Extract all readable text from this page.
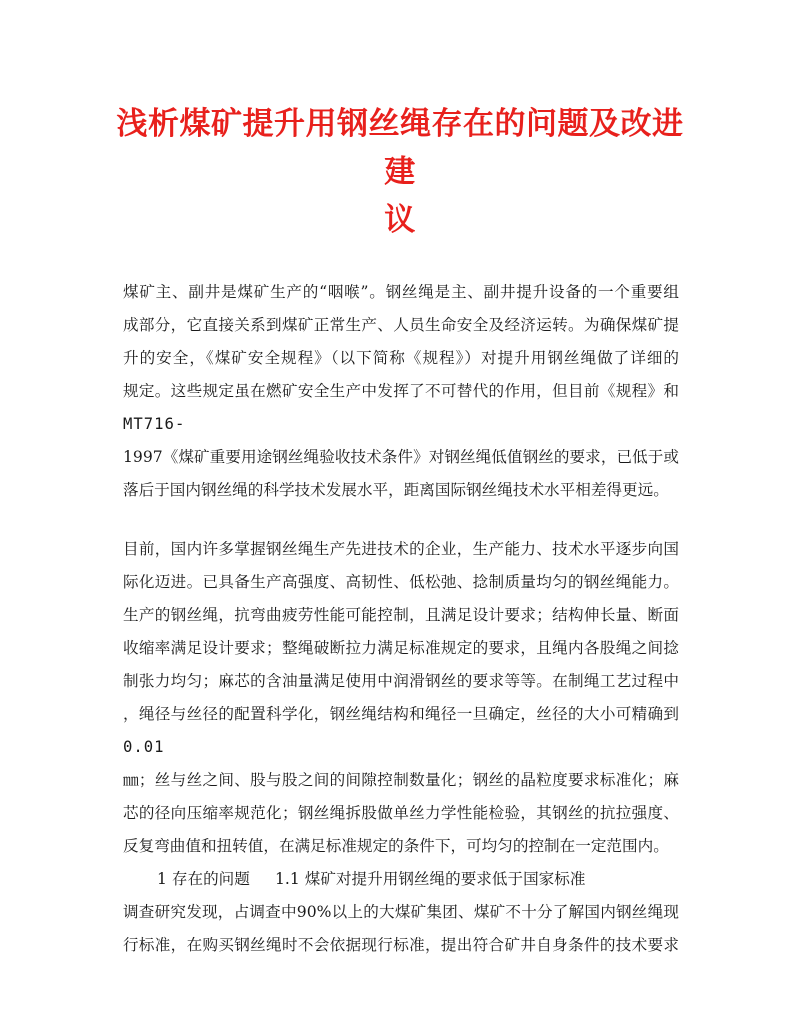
浅析煤矿提升用钢丝绳存在的问题及改进建
议
煤矿主、副井是煤矿生产的“咽喉”。钢丝绳是主、副井提升设备的一个重要组
成部分，它直接关系到煤矿正常生产、人员生命安全及经济运转。为确保煤矿提
升的安全，《煤矿安全规程》（以下简称《规程》）对提升用钢丝绳做了详细的
规定。这些规定虽在燃矿安全生产中发挥了不可替代的作用，但目前《规程》和
MT716-
1997《煤矿重要用途钢丝绳验收技术条件》对钢丝绳低值钢丝的要求，已低于或
落后于国内钢丝绳的科学技术发展水平，距离国际钢丝绳技术水平相差得更远。
目前，国内许多掌握钢丝绳生产先进技术的企业，生产能力、技术水平逐步向国
际化迈进。已具备生产高强度、高韧性、低松弛、捻制质量均匀的钢丝绳能力。
生产的钢丝绳，抗弯曲疲劳性能可能控制，且满足设计要求；结构伸长量、断面
收缩率满足设计要求；整绳破断拉力满足标准规定的要求，且绳内各股绳之间捻
制张力均匀；麻芯的含油量满足使用中润滑钢丝的要求等等。在制绳工艺过程中
，绳径与丝径的配置科学化，钢丝绳结构和绳径一旦确定，丝径的大小可精确到
0.01
㎜；丝与丝之间、股与股之间的间隙控制数量化；钢丝的晶粒度要求标准化；麻
芯的径向压缩率规范化；钢丝绳拆股做单丝力学性能检验，其钢丝的抗拉强度、
反复弯曲值和扭转值，在满足标准规定的条件下，可均匀的控制在一定范围内。
1 存在的问题 1.1 煤矿对提升用钢丝绳的要求低于国家标准
调查研究发现，占调查中90%以上的大煤矿集团、煤矿不十分了解国内钢丝绳现
行标准，在购买钢丝绳时不会依据现行标准，提出符合矿井自身条件的技术要求
